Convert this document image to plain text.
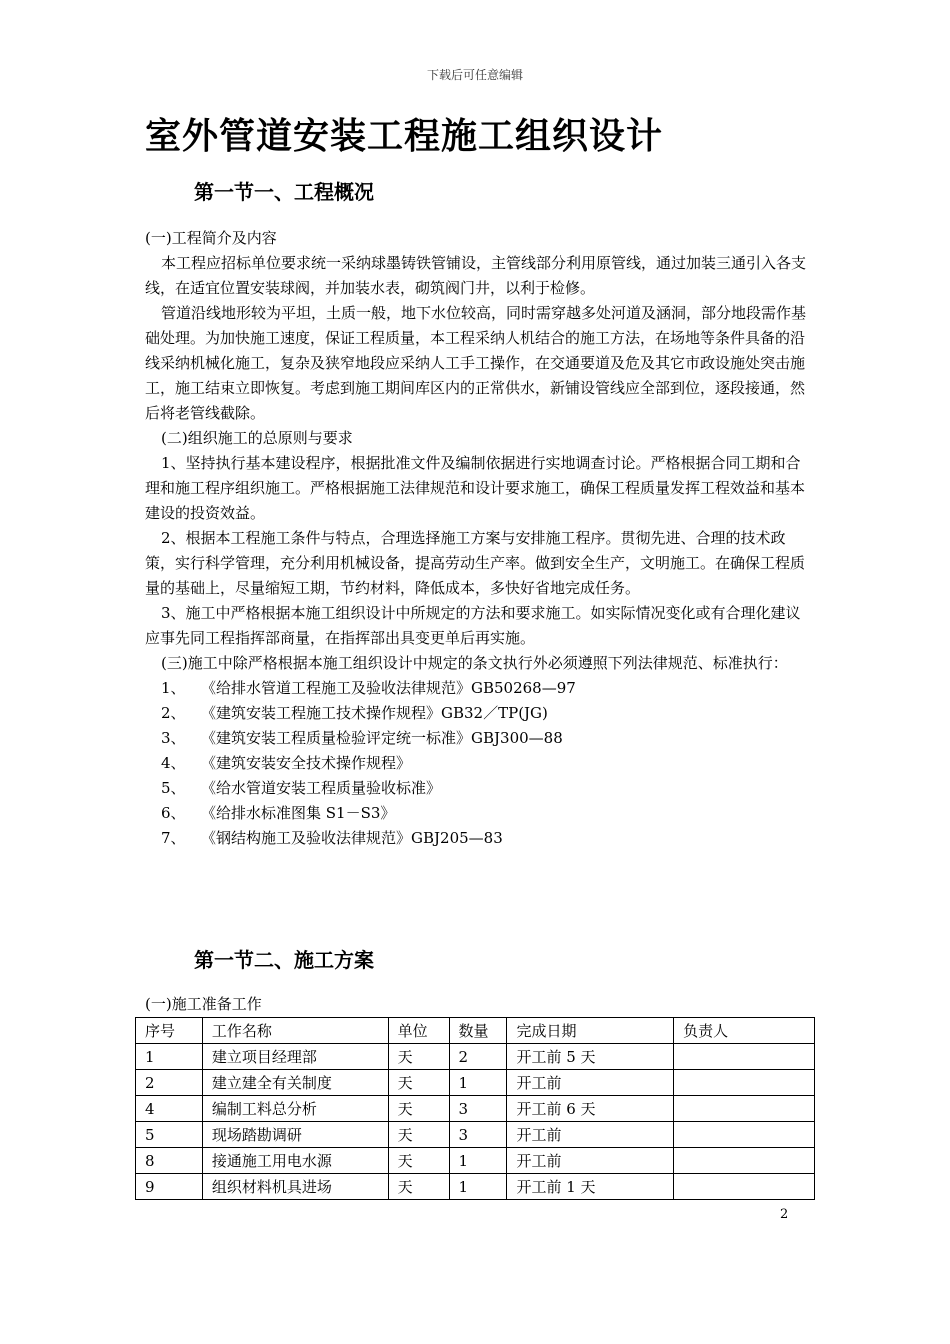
下载后可任意编辑
室外管道安装工程施工组织设计
第一节一、工程概况

(一)工程简介及内容

本工程应招标单位要求统一采纳球墨铸铁管铺设，主管线部分利用原管线，通过加装三通引入各支线，在适宜位置安装球阀，并加装水表，砌筑阀门井，以利于检修。

管道沿线地形较为平坦，土质一般，地下水位较高，同时需穿越多处河道及涵洞，部分地段需作基础处理。为加快施工速度，保证工程质量，本工程采纳人机结合的施工方法，在场地等条件具备的沿线采纳机械化施工，复杂及狭窄地段应采纳人工手工操作，在交通要道及危及其它市政设施处突击施工，施工结束立即恢复。考虑到施工期间库区内的正常供水，新铺设管线应全部到位，逐段接通，然后将老管线截除。

(二)组织施工的总原则与要求

1、坚持执行基本建设程序，根据批准文件及编制依据进行实地调查讨论。严格根据合同工期和合理和施工程序组织施工。严格根据施工法律规范和设计要求施工，确保工程质量发挥工程效益和基本建设的投资效益。

2、根据本工程施工条件与特点，合理选择施工方案与安排施工程序。贯彻先进、合理的技术政策，实行科学管理，充分利用机械设备，提高劳动生产率。做到安全生产，文明施工。在确保工程质量的基础上，尽量缩短工期，节约材料，降低成本，多快好省地完成任务。

3、施工中严格根据本施工组织设计中所规定的方法和要求施工。如实际情况变化或有合理化建议应事先同工程指挥部商量，在指挥部出具变更单后再实施。

(三)施工中除严格根据本施工组织设计中规定的条文执行外必须遵照下列法律规范、标准执行：

1、 《给排水管道工程施工及验收法律规范》GB50268—97
2、 《建筑安装工程施工技术操作规程》GB32／TP(JG)
3、 《建筑安装工程质量检验评定统一标准》GBJ300—88
4、 《建筑安装安全技术操作规程》
5、 《给水管道安装工程质量验收标准》
6、 《给排水标准图集 S1－S3》
7、 《钢结构施工及验收法律规范》GBJ205—83
第一节二、施工方案

(一)施工准备工作

序号	工作名称	单位	数量	完成日期	负责人
1	建立项目经理部	天	2	开工前 5 天	
2	建立建全有关制度	天	1	开工前	
4	编制工料总分析	天	3	开工前 6 天	
5	现场踏勘调研	天	3	开工前	
8	接通施工用电水源	天	1	开工前	
9	组织材料机具进场	天	1	开工前 1 天	
2
